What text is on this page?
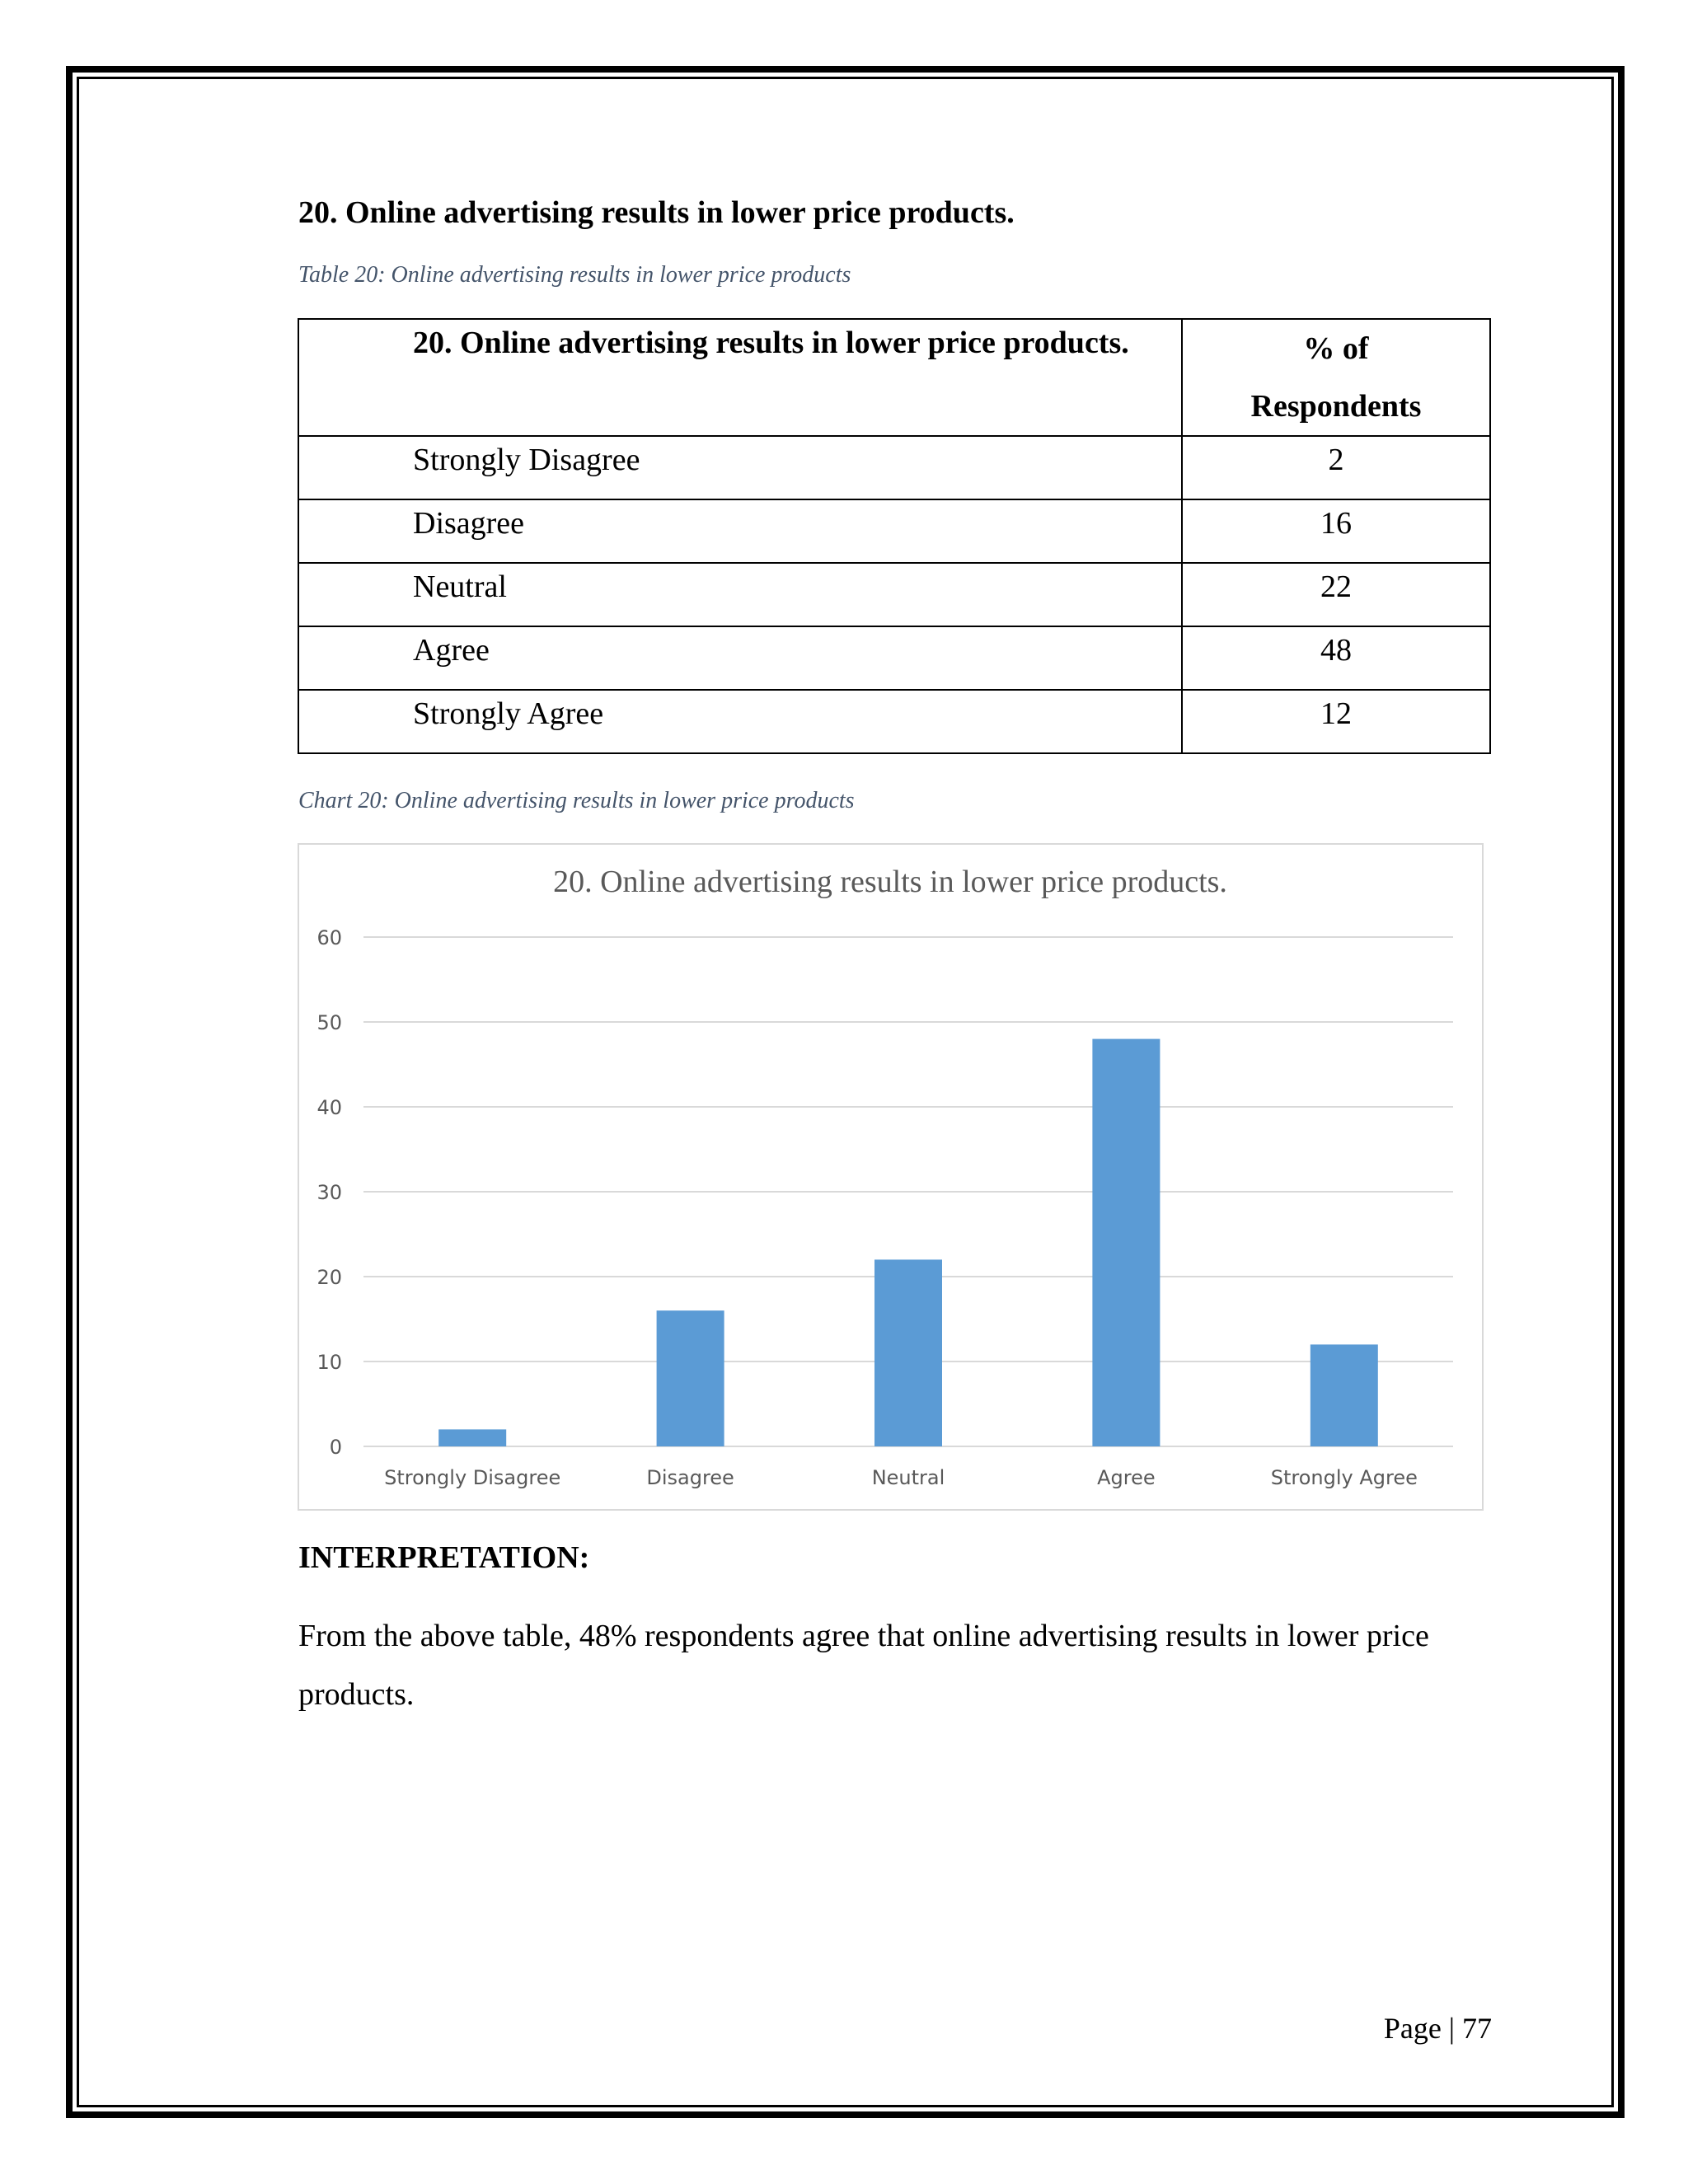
20. Online advertising results in lower price products.
Table 20: Online advertising results in lower price products
20. Online advertising results in lower price products.	% of
Respondents

Strongly Disagree	2
Disagree	16
Neutral	22
Agree	48
Strongly Agree	12
Chart 20: Online advertising results in lower price products
20. Online advertising results in lower price products.
0
10
20
30
40
50
60
Strongly Disagree	Disagree	Neutral	Agree	Strongly Agree
INTERPRETATION:
From the above table, 48% respondents agree that online advertising results in lower price products.
Page | 77
